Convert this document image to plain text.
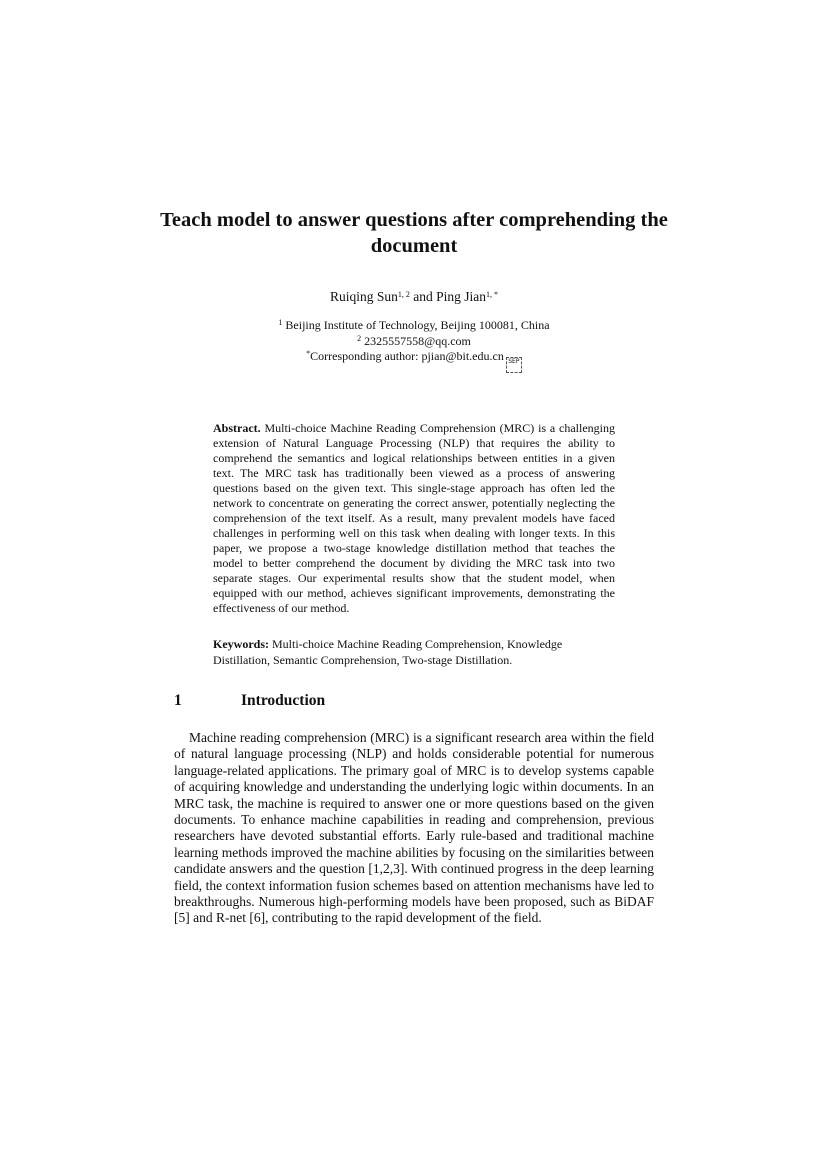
Teach model to answer questions after comprehending the document
Ruiqing Sun$^{1, 2}$ and Ping Jian$^{1, *}$
$^1$ Beijing Institute of Technology, Beijing 100081, China
$^2$ 2325557558@qq.com
*Corresponding author: pjian@bit.edu.cn SEP

Abstract. Multi-choice Machine Reading Comprehension (MRC) is a challenging extension of Natural Language Processing (NLP) that requires the ability to comprehend the semantics and logical relationships between entities in a given text. The MRC task has traditionally been viewed as a process of answering questions based on the given text. This single-stage approach has often led the network to concentrate on generating the correct answer, potentially neglecting the comprehension of the text itself. As a result, many prevalent models have faced challenges in performing well on this task when dealing with longer texts. In this paper, we propose a two-stage knowledge distillation method that teaches the model to better comprehend the document by dividing the MRC task into two separate stages. Our experimental results show that the student model, when equipped with our method, achieves significant improvements, demonstrating the effectiveness of our method.

Keywords: Multi-choice Machine Reading Comprehension, Knowledge Distillation, Semantic Comprehension, Two-stage Distillation.

1	Introduction

Machine reading comprehension (MRC) is a significant research area within the field of natural language processing (NLP) and holds considerable potential for numerous language-related applications. The primary goal of MRC is to develop systems capable of acquiring knowledge and understanding the underlying logic within documents. In an MRC task, the machine is required to answer one or more questions based on the given documents. To enhance machine capabilities in reading and comprehension, previous researchers have devoted substantial efforts. Early rule-based and traditional machine learning methods improved the machine abilities by focusing on the similarities between candidate answers and the question [1,2,3]. With continued progress in the deep learning field, the context information fusion schemes based on attention mechanisms have led to breakthroughs. Numerous high-performing models have been proposed, such as BiDAF [5] and R-net [6], contributing to the rapid development of the field.
